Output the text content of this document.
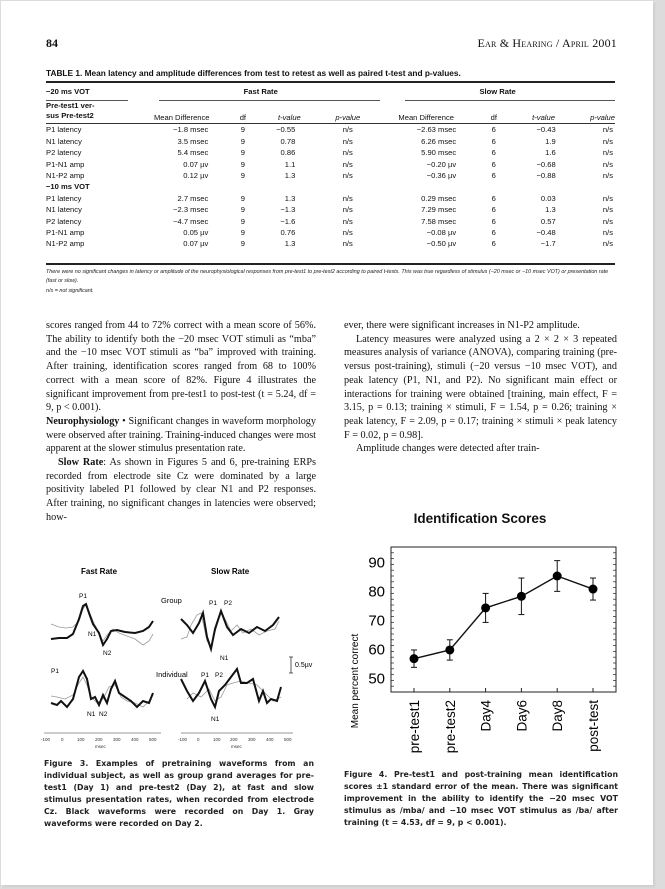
84	Ear & Hearing / April 2001
TABLE 1. Mean latency and amplitude differences from test to retest as well as paired t-test and p-values.
−20 ms VOT	Fast Rate				Slow Rate			

Pre-test1 ver-
sus Pre-test2	Mean Difference	df	t-value	p-value	Mean Difference	df	t-value	p-value
P1 latency	−1.8 msec	9	−0.55	n/s	−2.63 msec	6	−0.43	n/s
N1 latency	3.5 msec	9	0.78	n/s	6.26 msec	6	1.9	n/s
P2 latency	5.4 msec	9	0.86	n/s	5.90 msec	6	1.6	n/s
P1-N1 amp	0.07 µv	9	1.1	n/s	−0.20 µv	6	−0.68	n/s
N1-P2 amp	0.12 µv	9	1.3	n/s	−0.36 µv	6	−0.88	n/s
−10 ms VOT								
P1 latency	2.7 msec	9	1.3	n/s	0.29 msec	6	0.03	n/s
N1 latency	−2.3 msec	9	−1.3	n/s	7.29 msec	6	1.3	n/s
P2 latency	−4.7 msec	9	−1.6	n/s	7.58 msec	6	0.57	n/s
P1-N1 amp	0.05 µv	9	0.76	n/s	−0.08 µv	6	−0.48	n/s
N1-P2 amp	0.07 µv	9	1.3	n/s	−0.50 µv	6	−1.7	n/s
There were no significant changes in latency or amplitude of the neurophysiological responses from pre-test1 to pre-test2 according to paired t-tests. This was true regardless of stimulus (−20 msec or −10 msec VOT) or presentation rate (fast or slow).
n/s = not significant.

scores ranged from 44 to 72% correct with a mean score of 56%. The ability to identify both the −20 msec VOT stimuli as “mba” and the −10 msec VOT stimuli as “ba” improved with training. After training, identification scores ranged from 68 to 100% correct with a mean score of 82%. Figure 4 illustrates the significant improvement from pre-test1 to post-test (t = 5.24, df = 9, p < 0.001).

Neurophysiology • Significant changes in waveform morphology were observed after training. Training-induced changes were most apparent at the slower stimulus presentation rate.

Slow Rate: As shown in Figures 5 and 6, pre-training ERPs recorded from electrode site Cz were dominated by a large positivity labeled P1 followed by clear N1 and P2 responses. After training, no significant changes in latencies were observed; how-

ever, there were significant increases in N1-P2 amplitude.

Latency measures were analyzed using a 2 × 2 × 3 repeated measures analysis of variance (ANOVA), comparing training (pre- versus post-training), stimuli (−20 versus −10 msec VOT), and peak latency (P1, N1, and P2). No significant main effect or interactions for training were obtained [training, main effect, F = 3.15, p = 0.13; training × stimuli, F = 1.54, p = 0.26; training × peak latency, F = 2.09, p = 0.17; training × stimuli × peak latency F = 0.02, p = 0.98].

Amplitude changes were detected after train-

Fast Rate	Slow Rate
Group
Individual
P1
N1
N2
P1 P2
N1
0.5µv
P1
N1 N2
P1 P2
N1
-100 0	100 200 300 400 500
msec
-100 0	100 200 300 400 500
msec
Figure 3. Examples of pretraining waveforms from an individual subject, as well as group grand averages for pre-test1 (Day 1) and pre-test2 (Day 2), at fast and slow stimulus presentation rates, when recorded from electrode Cz. Black waveforms were recorded on Day 1. Gray waveforms were recorded on Day 2.
Identification Scores
Mean percent correct 50
60
70
80
90
pre-test1 pre-test2 Day4 Day6 Day8 post-test
Figure 4. Pre-test1 and post-training mean identification scores ±1 standard error of the mean. There was significant improvement in the ability to identify the −20 msec VOT stimulus as /mba/ and −10 msec VOT stimulus as /ba/ after training (t = 4.53, df = 9, p < 0.001).
